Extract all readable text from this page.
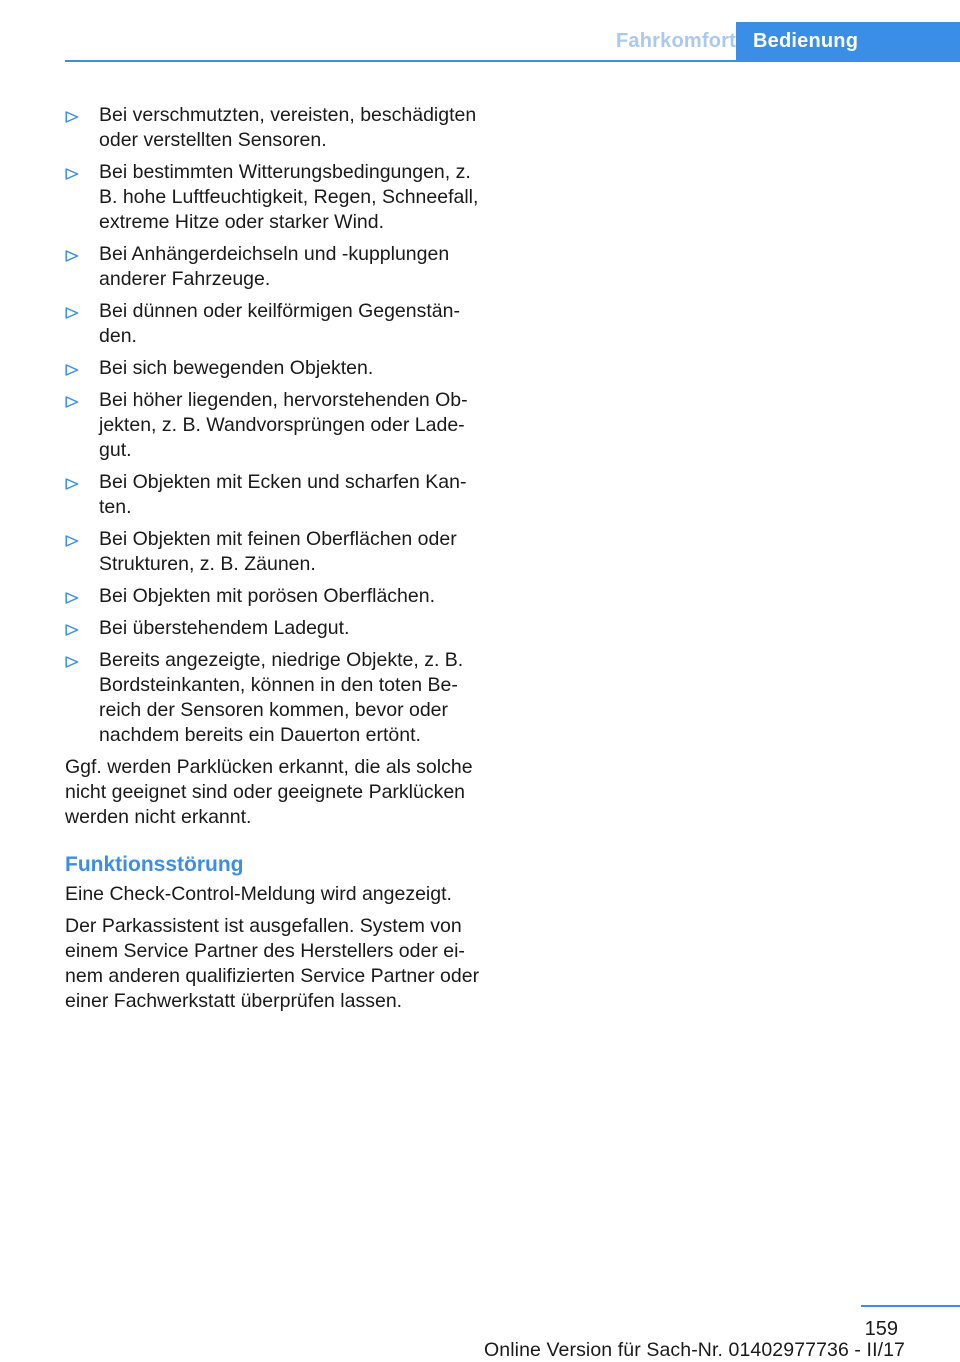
Fahrkomfort Bedienung
Bei verschmutzten, vereisten, beschädigten oder verstellten Sensoren.
Bei bestimmten Witterungsbedingungen, z. B. hohe Luftfeuchtigkeit, Regen, Schneefall, extreme Hitze oder starker Wind.
Bei Anhängerdeichseln und -kupplungen anderer Fahrzeuge.
Bei dünnen oder keilförmigen Gegenständen.
Bei sich bewegenden Objekten.
Bei höher liegenden, hervorstehenden Objekten, z. B. Wandvorsprüngen oder Ladegut.
Bei Objekten mit Ecken und scharfen Kanten.
Bei Objekten mit feinen Oberflächen oder Strukturen, z. B. Zäunen.
Bei Objekten mit porösen Oberflächen.
Bei überstehendem Ladegut.
Bereits angezeigte, niedrige Objekte, z. B. Bordsteinkanten, können in den toten Bereich der Sensoren kommen, bevor oder nachdem bereits ein Dauerton ertönt.

Ggf. werden Parklücken erkannt, die als solche nicht geeignet sind oder geeignete Parklücken werden nicht erkannt.

Funktionsstörung

Eine Check-Control-Meldung wird angezeigt.

Der Parkassistent ist ausgefallen. System von einem Service Partner des Herstellers oder einem anderen qualifizierten Service Partner oder einer Fachwerkstatt überprüfen lassen.

159
Online Version für Sach-Nr. 01402977736 - II/17
